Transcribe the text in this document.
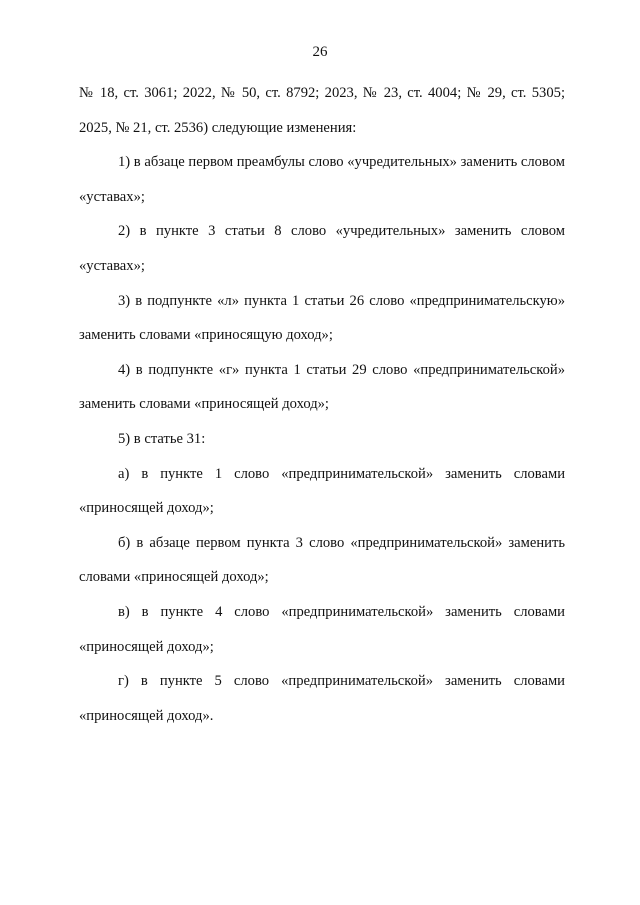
26

№ 18, ст. 3061; 2022, № 50, ст. 8792; 2023, № 23, ст. 4004; № 29, ст. 5305; 2025, № 21, ст. 2536) следующие изменения:

1) в абзаце первом преамбулы слово «учредительных» заменить словом «уставах»;

2) в пункте 3 статьи 8 слово «учредительных» заменить словом «уставах»;

3) в подпункте «л» пункта 1 статьи 26 слово «предпринимательскую» заменить словами «приносящую доход»;

4) в подпункте «г» пункта 1 статьи 29 слово «предпринимательской» заменить словами «приносящей доход»;

5) в статье 31:

а) в пункте 1 слово «предпринимательской» заменить словами «приносящей доход»;

б) в абзаце первом пункта 3 слово «предпринимательской» заменить словами «приносящей доход»;

в) в пункте 4 слово «предпринимательской» заменить словами «приносящей доход»;

г) в пункте 5 слово «предпринимательской» заменить словами «приносящей доход».
